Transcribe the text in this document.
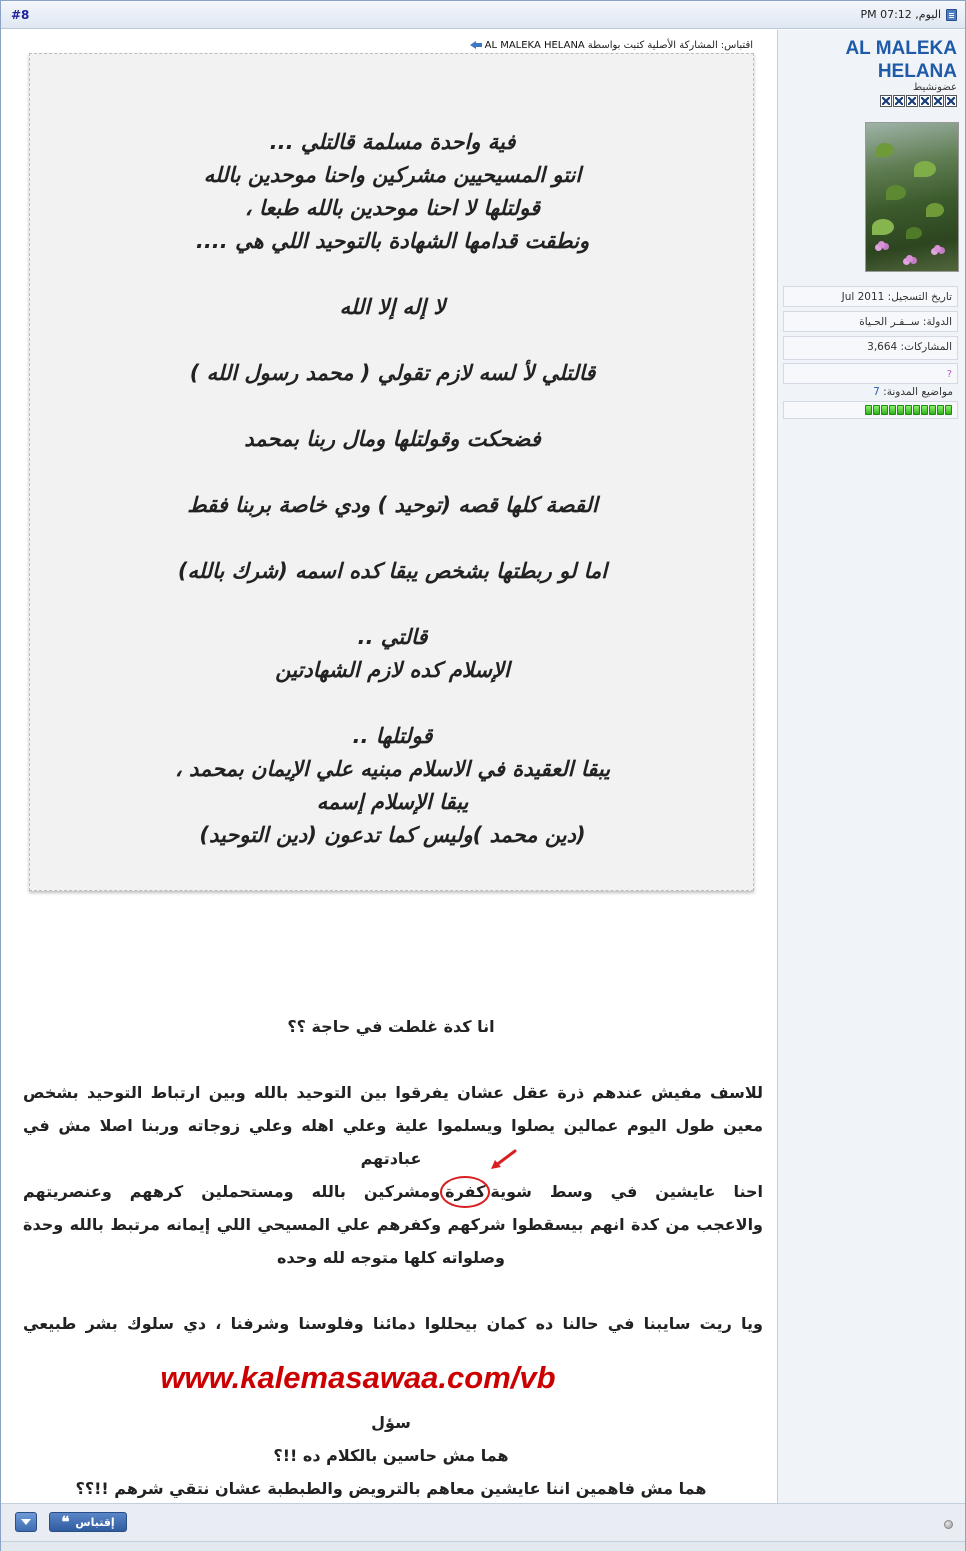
#8	اليوم, 07:12 PM
AL MALEKA HELANA
عضونشيط
تاريخ التسجيل: Jul 2011
الدولة: ســفـر الحـياة
المشاركات: 3,664
?
مواضيع المدونة: 7
اقتباس:
المشاركة الأصلية كتبت بواسطة
AL MALEKA HELANA
فية واحدة مسلمة قالتلي ...
انتو المسيحيين مشركين واحنا موحدين بالله
قولتلها لا احنا موحدين بالله طبعا ،
ونطقت قدامها الشهادة بالتوحيد اللي هي ....
لا إله إلا الله
قالتلي لأ لسه لازم تقولي ( محمد رسول الله )
فضحكت وقولتلها ومال ربنا بمحمد
القصة كلها قصه (توحيد ) ودي خاصة بربنا فقط
اما لو ربطتها بشخص يبقا كده اسمه (شرك بالله)
قالتي ..
الإسلام كده لازم الشهادتين
قولتلها ..
يبقا العقيدة في الاسلام مبنيه علي الإيمان بمحمد ،
يبقا الإسلام إسمه
(دين محمد )وليس كما تدعون (دين التوحيد)
انا كدة غلطت في حاجة ؟؟
للاسف مفيش عندهم ذرة عقل عشان يفرقوا بين التوحيد بالله وبين ارتباط التوحيد بشخص
معين طول اليوم عمالين يصلوا ويسلموا علية وعلي اهله وعلي زوجاته وربنا اصلا مش في
عبادتهم
احنا عايشين في وسط شويةكفرةومشركين بالله ومستحملين كرههم وعنصريتهم
والاعجب من كدة انهم بيسقطوا شركهم وكفرهم علي المسيحي اللي إيمانه مرتبط بالله وحدة
وصلواته كلها متوجه لله وحده
ويا ريت سايبنا في حالنا ده كمان بيحللوا دمائنا وفلوسنا وشرفنا ، دي سلوك بشر طبيعي
www.kalemasawaa.com/vb
سؤل
هما مش حاسين بالكلام ده !!؟
هما مش فاهمين اننا عايشين معاهم بالترويض والطبطبة عشان نتقي شرهم !!؟؟
إقتباس
❝
